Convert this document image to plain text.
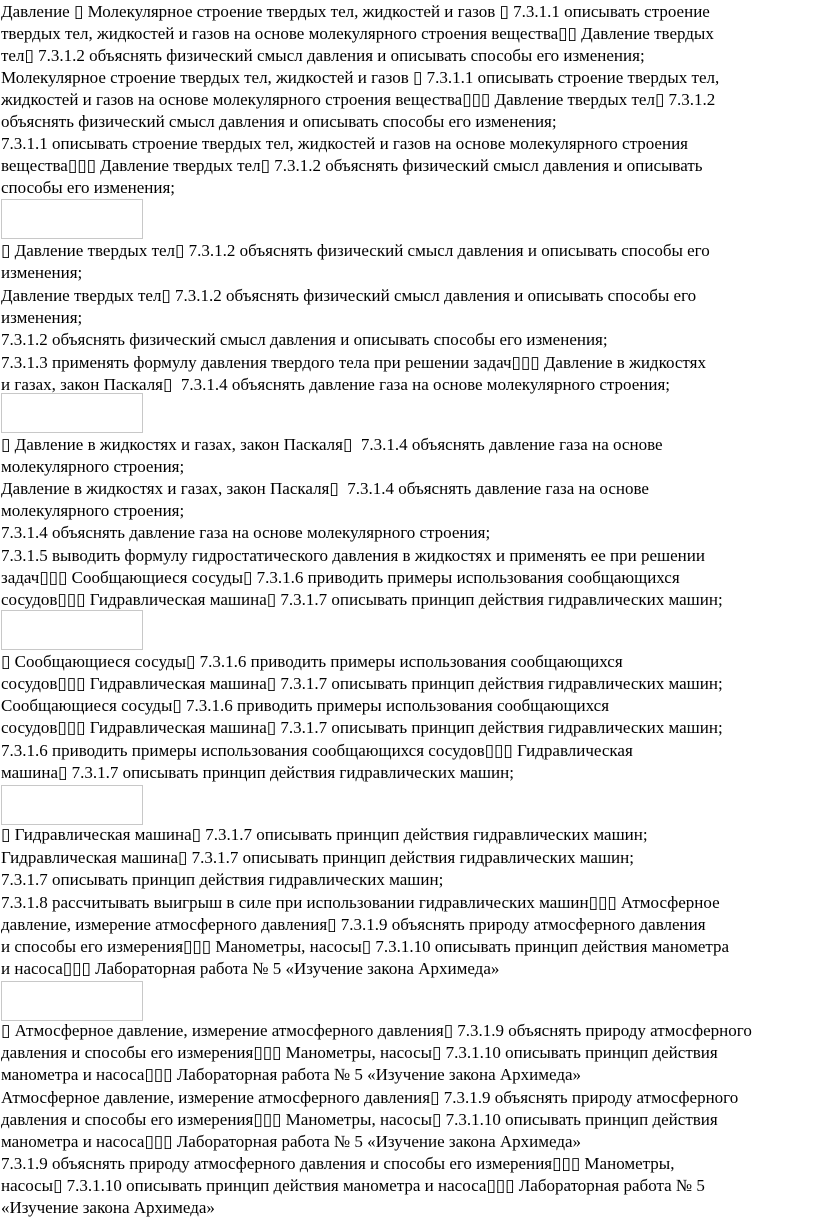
Давление ▯ Молекулярное строение твердых тел, жидкостей и газов ▯ 7.3.1.1 описывать строение
твердых тел, жидкостей и газов на основе молекулярного строения вещества▯▯ Давление твердых
тел▯ 7.3.1.2 объяснять физический смысл давления и описывать способы его изменения;
Молекулярное строение твердых тел, жидкостей и газов ▯ 7.3.1.1 описывать строение твердых тел,
жидкостей и газов на основе молекулярного строения вещества▯▯▯ Давление твердых тел▯ 7.3.1.2
объяснять физический смысл давления и описывать способы его изменения;
7.3.1.1 описывать строение твердых тел, жидкостей и газов на основе молекулярного строения
вещества▯▯▯ Давление твердых тел▯ 7.3.1.2 объяснять физический смысл давления и описывать
способы его изменения;
▯ Давление твердых тел▯ 7.3.1.2 объяснять физический смысл давления и описывать способы его
изменения;
Давление твердых тел▯ 7.3.1.2 объяснять физический смысл давления и описывать способы его
изменения;
7.3.1.2 объяснять физический смысл давления и описывать способы его изменения;
7.3.1.3 применять формулу давления твердого тела при решении задач▯▯▯ Давление в жидкостях
и газах, закон Паскаля▯  7.3.1.4 объяснять давление газа на основе молекулярного строения;
▯ Давление в жидкостях и газах, закон Паскаля▯  7.3.1.4 объяснять давление газа на основе
молекулярного строения;
Давление в жидкостях и газах, закон Паскаля▯  7.3.1.4 объяснять давление газа на основе
молекулярного строения;
7.3.1.4 объяснять давление газа на основе молекулярного строения;
7.3.1.5 выводить формулу гидростатического давления в жидкостях и применять ее при решении
задач▯▯▯ Сообщающиеся сосуды▯ 7.3.1.6 приводить примеры использования сообщающихся
сосудов▯▯▯ Гидравлическая машина▯ 7.3.1.7 описывать принцип действия гидравлических машин;
▯ Сообщающиеся сосуды▯ 7.3.1.6 приводить примеры использования сообщающихся
сосудов▯▯▯ Гидравлическая машина▯ 7.3.1.7 описывать принцип действия гидравлических машин;
Сообщающиеся сосуды▯ 7.3.1.6 приводить примеры использования сообщающихся
сосудов▯▯▯ Гидравлическая машина▯ 7.3.1.7 описывать принцип действия гидравлических машин;
7.3.1.6 приводить примеры использования сообщающихся сосудов▯▯▯ Гидравлическая
машина▯ 7.3.1.7 описывать принцип действия гидравлических машин;
▯ Гидравлическая машина▯ 7.3.1.7 описывать принцип действия гидравлических машин;
Гидравлическая машина▯ 7.3.1.7 описывать принцип действия гидравлических машин;
7.3.1.7 описывать принцип действия гидравлических машин;
7.3.1.8 рассчитывать выигрыш в силе при использовании гидравлических машин▯▯▯ Атмосферное
давление, измерение атмосферного давления▯ 7.3.1.9 объяснять природу атмосферного давления
и способы его измерения▯▯▯ Манометры, насосы▯ 7.3.1.10 описывать принцип действия манометра
и насоса▯▯▯ Лабораторная работа № 5 «Изучение закона Архимеда»
▯ Атмосферное давление, измерение атмосферного давления▯ 7.3.1.9 объяснять природу атмосферного
давления и способы его измерения▯▯▯ Манометры, насосы▯ 7.3.1.10 описывать принцип действия
манометра и насоса▯▯▯ Лабораторная работа № 5 «Изучение закона Архимеда»
Атмосферное давление, измерение атмосферного давления▯ 7.3.1.9 объяснять природу атмосферного
давления и способы его измерения▯▯▯ Манометры, насосы▯ 7.3.1.10 описывать принцип действия
манометра и насоса▯▯▯ Лабораторная работа № 5 «Изучение закона Архимеда»
7.3.1.9 объяснять природу атмосферного давления и способы его измерения▯▯▯ Манометры,
насосы▯ 7.3.1.10 описывать принцип действия манометра и насоса▯▯▯ Лабораторная работа № 5
«Изучение закона Архимеда»
